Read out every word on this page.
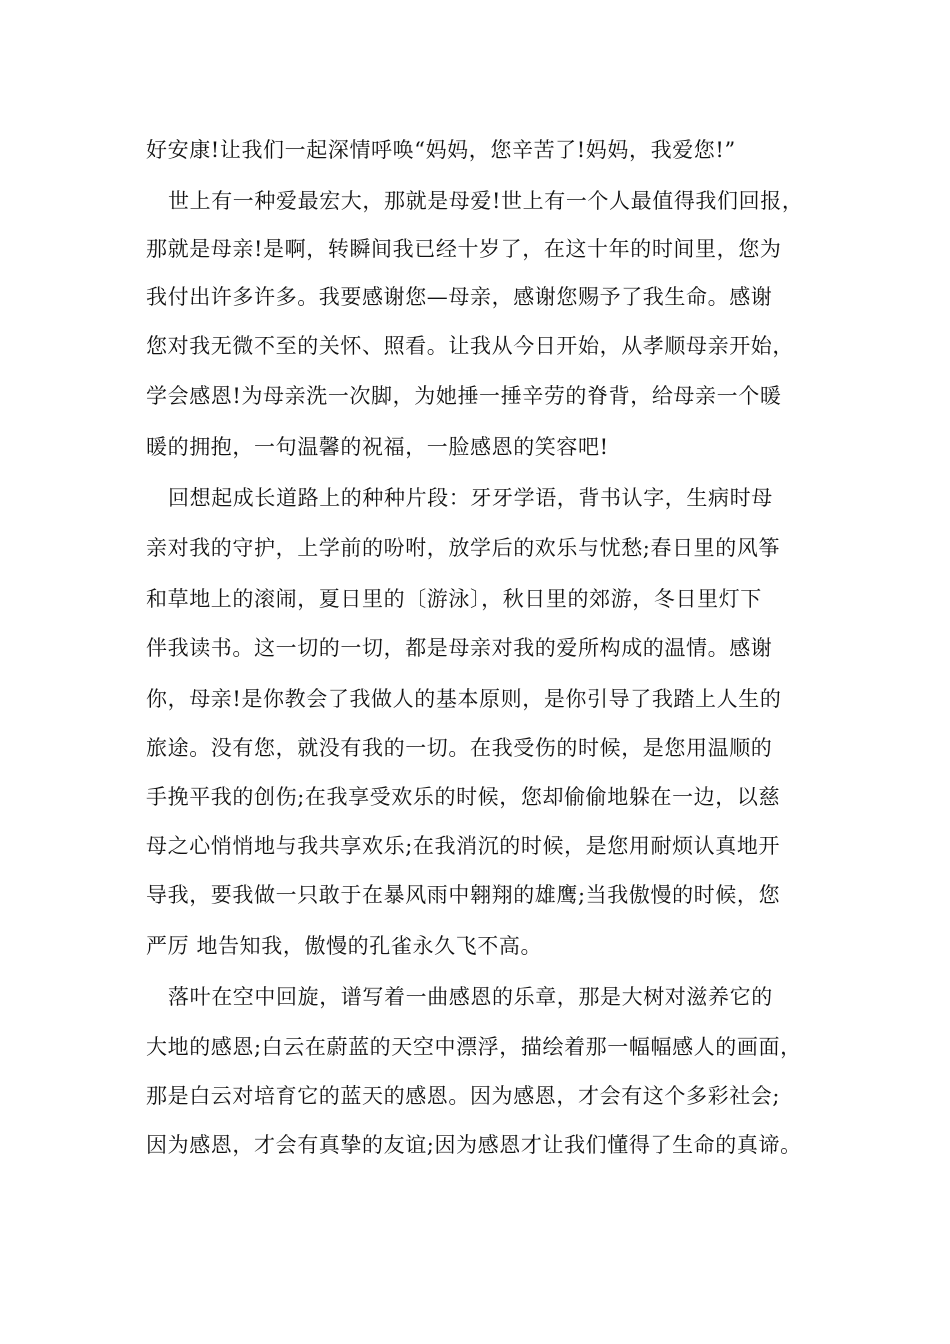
好安康!让我们一起深情呼唤“妈妈，您辛苦了!妈妈，我爱您!”
世上有一种爱最宏大，那就是母爱!世上有一个人最值得我们回报，
那就是母亲!是啊，转瞬间我已经十岁了，在这十年的时间里，您为
我付出许多许多。我要感谢您—母亲，感谢您赐予了我生命。感谢
您对我无微不至的关怀、照看。让我从今日开始，从孝顺母亲开始，
学会感恩!为母亲洗一次脚，为她捶一捶辛劳的脊背，给母亲一个暖
暖的拥抱，一句温馨的祝福，一脸感恩的笑容吧!
回想起成长道路上的种种片段：牙牙学语，背书认字，生病时母
亲对我的守护，上学前的吩咐，放学后的欢乐与忧愁;春日里的风筝
和草地上的滚闹，夏日里的〔游泳〕，秋日里的郊游，冬日里灯下
伴我读书。这一切的一切，都是母亲对我的爱所构成的温情。感谢
你，母亲!是你教会了我做人的基本原则，是你引导了我踏上人生的
旅途。没有您，就没有我的一切。在我受伤的时候，是您用温顺的
手挽平我的创伤;在我享受欢乐的时候，您却偷偷地躲在一边，以慈
母之心悄悄地与我共享欢乐;在我消沉的时候，是您用耐烦认真地开
导我，要我做一只敢于在暴风雨中翱翔的雄鹰;当我傲慢的时候，您
严厉 地告知我，傲慢的孔雀永久飞不高。
落叶在空中回旋，谱写着一曲感恩的乐章，那是大树对滋养它的
大地的感恩;白云在蔚蓝的天空中漂浮，描绘着那一幅幅感人的画面，
那是白云对培育它的蓝天的感恩。因为感恩，才会有这个多彩社会;
因为感恩，才会有真挚的友谊;因为感恩才让我们懂得了生命的真谛。
